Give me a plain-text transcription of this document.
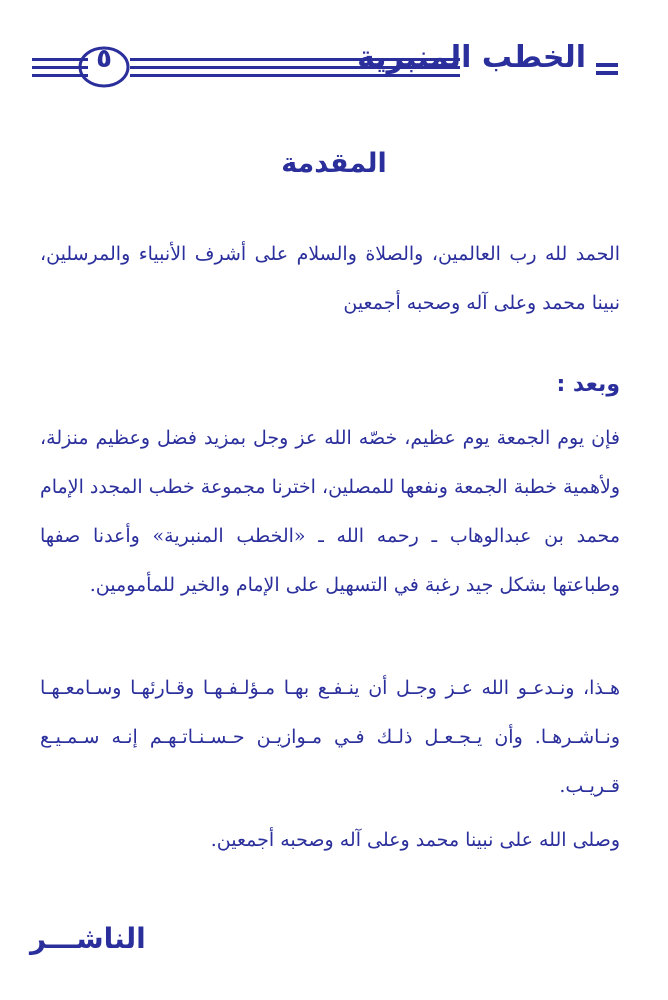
الخطب المنبرية
٥
المقدمة
الحمد لله رب العالمين، والصلاة والسلام على أشرف الأنبياء والمرسلين، نبينا محمد وعلى آله وصحبه أجمعين
وبعد :
فإن يوم الجمعة يوم عظيم، خصّه الله عز وجل بمزيد فضل وعظيم منزلة، ولأهمية خطبة الجمعة ونفعها للمصلين، اخترنا مجموعة خطب المجدد الإمام محمد بن عبدالوهاب ـ رحمه الله ـ «الخطب المنبرية» وأعدنا صفها وطباعتها بشكل جيد رغبة في التسهيل على الإمام والخير للمأمومين.
هـذا، ونـدعـو الله عـز وجـل أن ينـفـع بهـا مـؤلـفـهـا وقـارئهـا وسـامعـهـا ونـاشـرهـا. وأن يـجـعـل ذلـك فـي مـوازيـن حـسـنـاتـهـم إنـه سـمـيـع قـريـب.
وصلى الله على نبينا محمد وعلى آله وصحبه أجمعين.
الناشـــر
